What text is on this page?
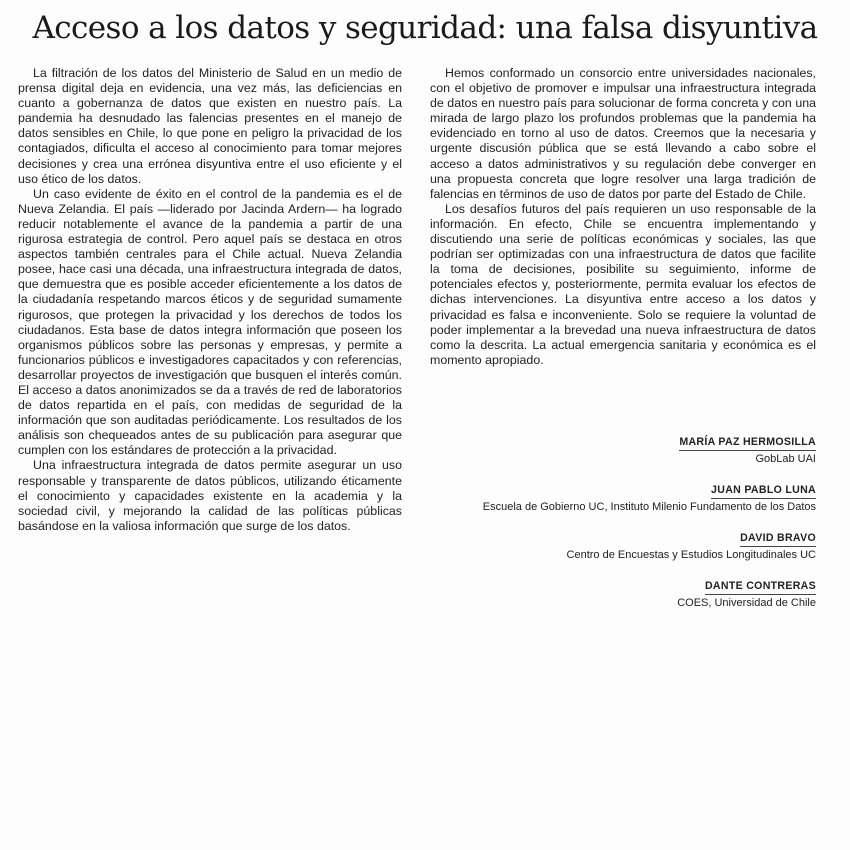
Acceso a los datos y seguridad: una falsa disyuntiva

La filtración de los datos del Ministerio de Salud en un medio de prensa digital deja en evidencia, una vez más, las deficiencias en cuanto a gobernanza de datos que existen en nuestro país. La pandemia ha desnudado las falencias presentes en el manejo de datos sensibles en Chile, lo que pone en peligro la privacidad de los contagiados, dificulta el acceso al conocimiento para tomar mejores decisiones y crea una errónea disyuntiva entre el uso eficiente y el uso ético de los datos.

Un caso evidente de éxito en el control de la pandemia es el de Nueva Zelandia. El país —liderado por Jacinda Ardern— ha logrado reducir notablemente el avance de la pandemia a partir de una rigurosa estrategia de control. Pero aquel país se destaca en otros aspectos también centrales para el Chile actual. Nueva Zelandia posee, hace casi una década, una infraestructura integrada de datos, que demuestra que es posible acceder eficientemente a los datos de la ciudadanía respetando marcos éticos y de seguridad sumamente rigurosos, que protegen la privacidad y los derechos de todos los ciudadanos. Esta base de datos integra información que poseen los organismos públicos sobre las personas y empresas, y permite a funcionarios públicos e investigadores capacitados y con referencias, desarrollar proyectos de investigación que busquen el interés común. El acceso a datos anonimizados se da a través de red de laboratorios de datos repartida en el país, con medidas de seguridad de la información que son auditadas periódicamente. Los resultados de los análisis son chequeados antes de su publicación para asegurar que cumplen con los estándares de protección a la privacidad.

Una infraestructura integrada de datos permite asegurar un uso responsable y transparente de datos públicos, utilizando éticamente el conocimiento y capacidades existente en la academia y la sociedad civil, y mejorando la calidad de las políticas públicas basándose en la valiosa información que surge de los datos.

Hemos conformado un consorcio entre universidades nacionales, con el objetivo de promover e impulsar una infraestructura integrada de datos en nuestro país para solucionar de forma concreta y con una mirada de largo plazo los profundos problemas que la pandemia ha evidenciado en torno al uso de datos. Creemos que la necesaria y urgente discusión pública que se está llevando a cabo sobre el acceso a datos administrativos y su regulación debe converger en una propuesta concreta que logre resolver una larga tradición de falencias en términos de uso de datos por parte del Estado de Chile.

Los desafíos futuros del país requieren un uso responsable de la información. En efecto, Chile se encuentra implementando y discutiendo una serie de políticas económicas y sociales, las que podrían ser optimizadas con una infraestructura de datos que facilite la toma de decisiones, posibilite su seguimiento, informe de potenciales efectos y, posteriormente, permita evaluar los efectos de dichas intervenciones. La disyuntiva entre acceso a los datos y privacidad es falsa e inconveniente. Solo se requiere la voluntad de poder implementar a la brevedad una nueva infraestructura de datos como la descrita. La actual emergencia sanitaria y económica es el momento apropiado.

MARÍA PAZ HERMOSILLA
GobLab UAI
JUAN PABLO LUNA
Escuela de Gobierno UC, Instituto Milenio Fundamento de los Datos
DAVID BRAVO
Centro de Encuestas y Estudios Longitudinales UC
DANTE CONTRERAS
COES, Universidad de Chile
